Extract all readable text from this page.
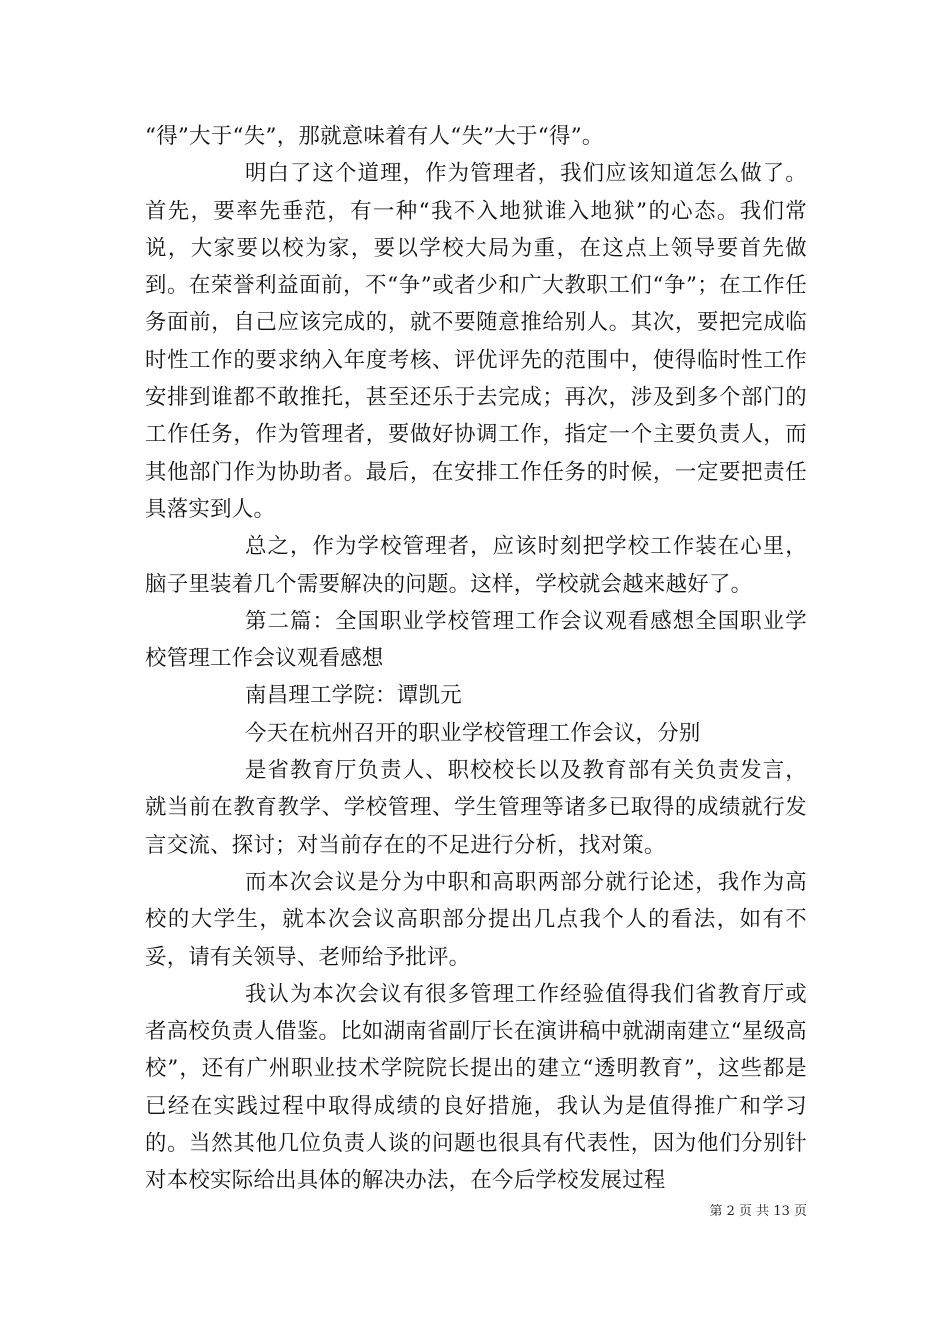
“得”大于“失”，那就意味着有人“失”大于“得”。

明白了这个道理，作为管理者，我们应该知道怎么做了。首先，要率先垂范，有一种“我不入地狱谁入地狱”的心态。我们常说，大家要以校为家，要以学校大局为重，在这点上领导要首先做到。在荣誉利益面前，不“争”或者少和广大教职工们“争”；在工作任务面前，自己应该完成的，就不要随意推给别人。其次，要把完成临时性工作的要求纳入年度考核、评优评先的范围中，使得临时性工作安排到谁都不敢推托，甚至还乐于去完成；再次，涉及到多个部门的工作任务，作为管理者，要做好协调工作，指定一个主要负责人，而其他部门作为协助者。最后，在安排工作任务的时候，一定要把责任具落实到人。

总之，作为学校管理者，应该时刻把学校工作装在心里，脑子里装着几个需要解决的问题。这样，学校就会越来越好了。

第二篇：全国职业学校管理工作会议观看感想全国职业学校管理工作会议观看感想

南昌理工学院：谭凯元

今天在杭州召开的职业学校管理工作会议，分别

是省教育厅负责人、职校校长以及教育部有关负责发言，就当前在教育教学、学校管理、学生管理等诸多已取得的成绩就行发言交流、探讨；对当前存在的不足进行分析，找对策。

而本次会议是分为中职和高职两部分就行论述，我作为高校的大学生，就本次会议高职部分提出几点我个人的看法，如有不妥，请有关领导、老师给予批评。

我认为本次会议有很多管理工作经验值得我们省教育厅或者高校负责人借鉴。比如湖南省副厅长在演讲稿中就湖南建立“星级高校”，还有广州职业技术学院院长提出的建立“透明教育”，这些都是已经在实践过程中取得成绩的良好措施，我认为是值得推广和学习的。当然其他几位负责人谈的问题也很具有代表性，因为他们分别针对本校实际给出具体的解决办法，在今后学校发展过程

第 2 页 共 13 页
